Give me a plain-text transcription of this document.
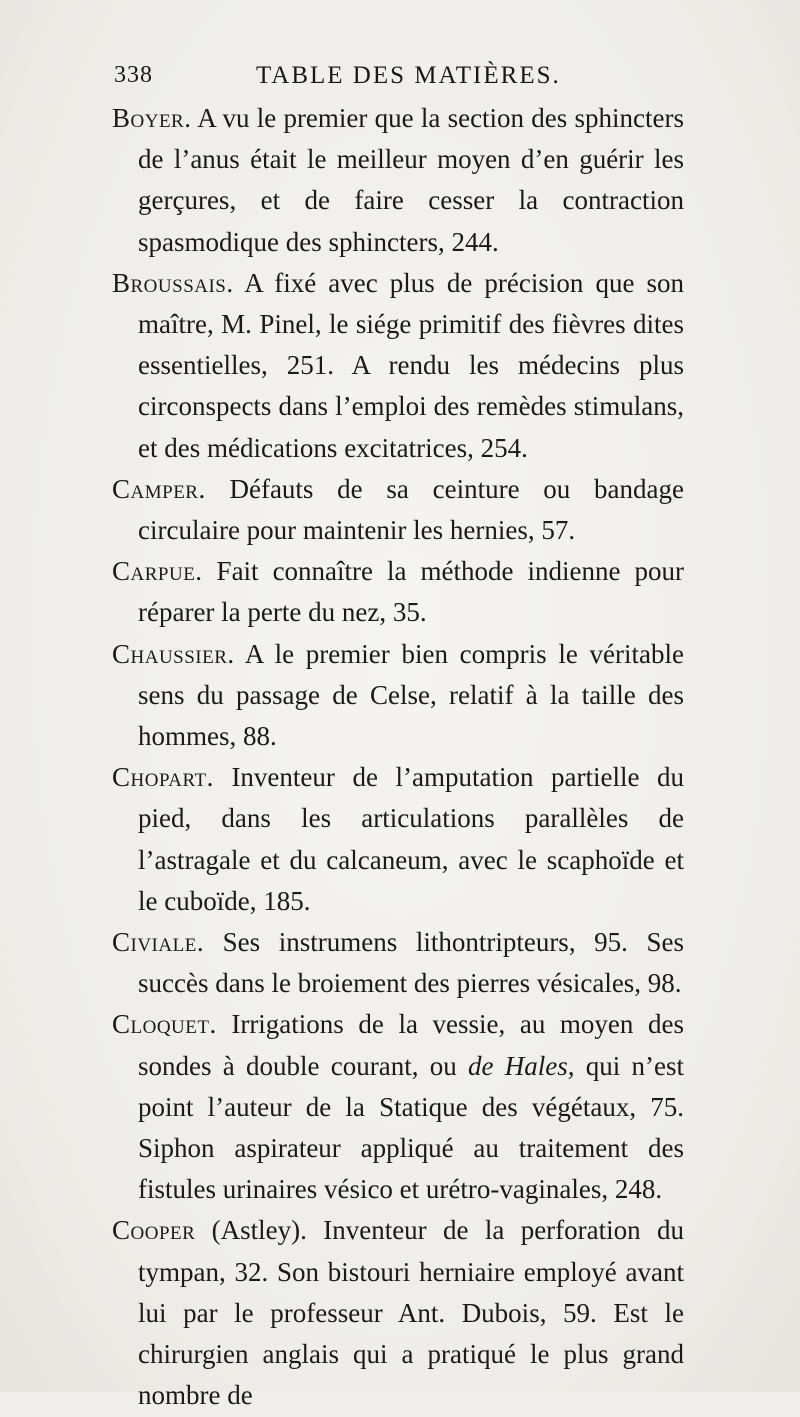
338	TABLE DES MATIÈRES.

Boyer. A vu le premier que la section des sphincters de l’anus était le meilleur moyen d’en guérir les gerçures, et de faire cesser la contraction spasmodique des sphincters, 244.

Broussais. A fixé avec plus de précision que son maître, M. Pinel, le siége primitif des fièvres dites essentielles, 251. A rendu les médecins plus circonspects dans l’emploi des remèdes stimulans, et des médications excitatrices, 254.

Camper. Défauts de sa ceinture ou bandage circulaire pour maintenir les hernies, 57.

Carpue. Fait connaître la méthode indienne pour réparer la perte du nez, 35.

Chaussier. A le premier bien compris le véritable sens du passage de Celse, relatif à la taille des hommes, 88.

Chopart. Inventeur de l’amputation partielle du pied, dans les articulations parallèles de l’astragale et du calcaneum, avec le scaphoïde et le cuboïde, 185.

Civiale. Ses instrumens lithontripteurs, 95. Ses succès dans le broiement des pierres vésicales, 98.

Cloquet. Irrigations de la vessie, au moyen des sondes à double courant, ou de Hales, qui n’est point l’auteur de la Statique des végétaux, 75. Siphon aspirateur appliqué au traitement des fistules urinaires vésico et urétro-vaginales, 248.

Cooper (Astley). Inventeur de la perforation du tympan, 32. Son bistouri herniaire employé avant lui par le professeur Ant. Dubois, 59. Est le chirurgien anglais qui a pratiqué le plus grand nombre de
